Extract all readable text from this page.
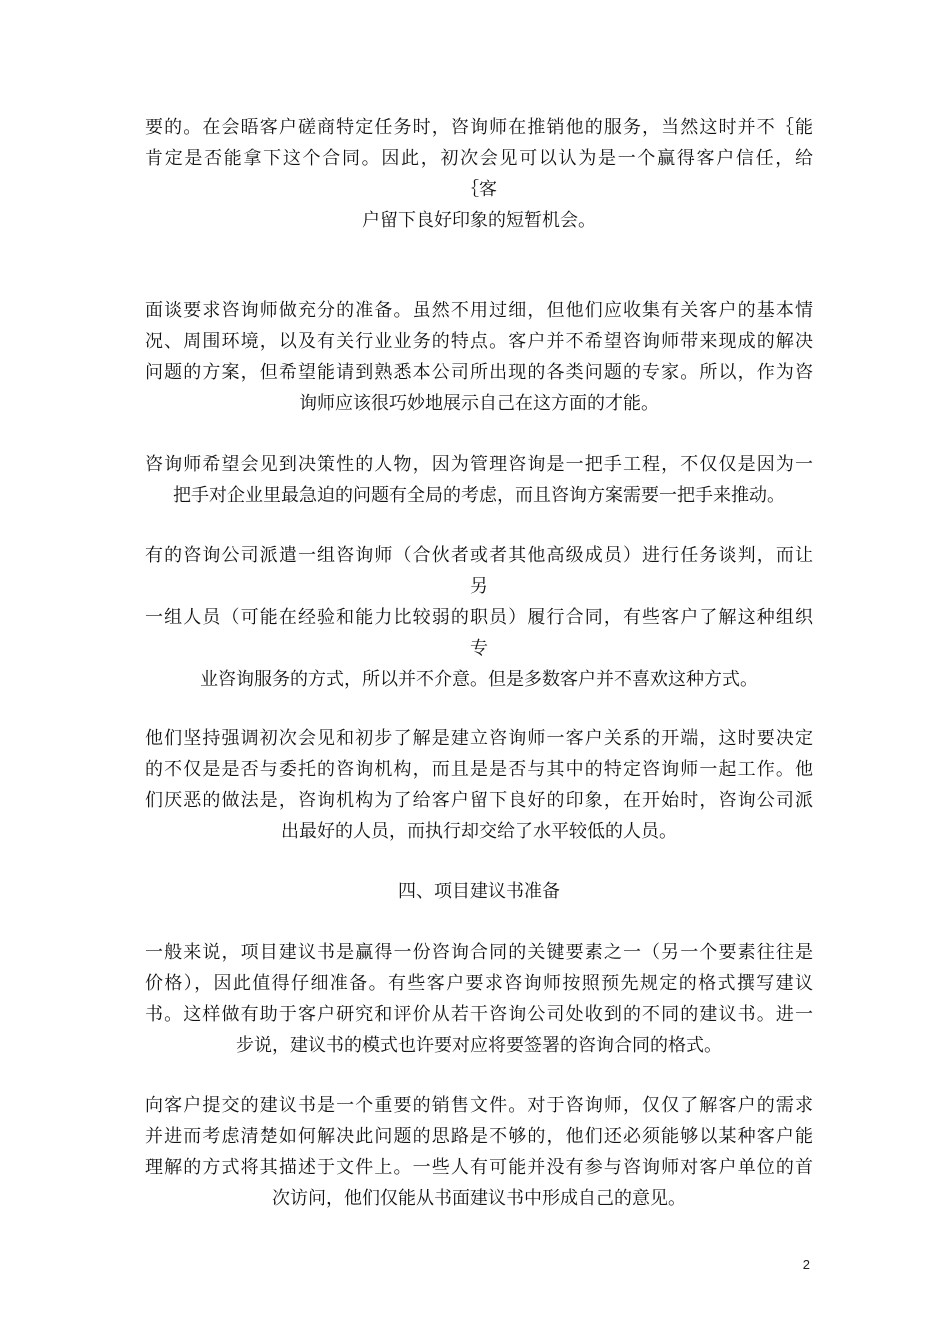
要的。在会晤客户磋商特定任务时，咨询师在推销他的服务，当然这时并不｛能
肯定是否能拿下这个合同。因此，初次会见可以认为是一个赢得客户信任，给
｛客
户留下良好印象的短暂机会。
面谈要求咨询师做充分的准备。虽然不用过细，但他们应收集有关客户的基本情
况、周围环境，以及有关行业业务的特点。客户并不希望咨询师带来现成的解决
问题的方案，但希望能请到熟悉本公司所出现的各类问题的专家。所以，作为咨
询师应该很巧妙地展示自己在这方面的才能。
咨询师希望会见到决策性的人物，因为管理咨询是一把手工程，不仅仅是因为一
把手对企业里最急迫的问题有全局的考虑，而且咨询方案需要一把手来推动。
有的咨询公司派遣一组咨询师（合伙者或者其他高级成员）进行任务谈判，而让
另
一组人员（可能在经验和能力比较弱的职员）履行合同，有些客户了解这种组织
专
业咨询服务的方式，所以并不介意。但是多数客户并不喜欢这种方式。
他们坚持强调初次会见和初步了解是建立咨询师一客户关系的开端，这时要决定
的不仅是是否与委托的咨询机构，而且是是否与其中的特定咨询师一起工作。他
们厌恶的做法是，咨询机构为了给客户留下良好的印象，在开始时，咨询公司派
出最好的人员，而执行却交给了水平较低的人员。
四、项目建议书准备
一般来说，项目建议书是赢得一份咨询合同的关键要素之一（另一个要素往往是
价格），因此值得仔细准备。有些客户要求咨询师按照预先规定的格式撰写建议
书。这样做有助于客户研究和评价从若干咨询公司处收到的不同的建议书。进一
步说，建议书的模式也许要对应将要签署的咨询合同的格式。
向客户提交的建议书是一个重要的销售文件。对于咨询师，仅仅了解客户的需求
并进而考虑清楚如何解决此问题的思路是不够的，他们还必须能够以某种客户能
理解的方式将其描述于文件上。一些人有可能并没有参与咨询师对客户单位的首
次访问，他们仅能从书面建议书中形成自己的意见。
2
